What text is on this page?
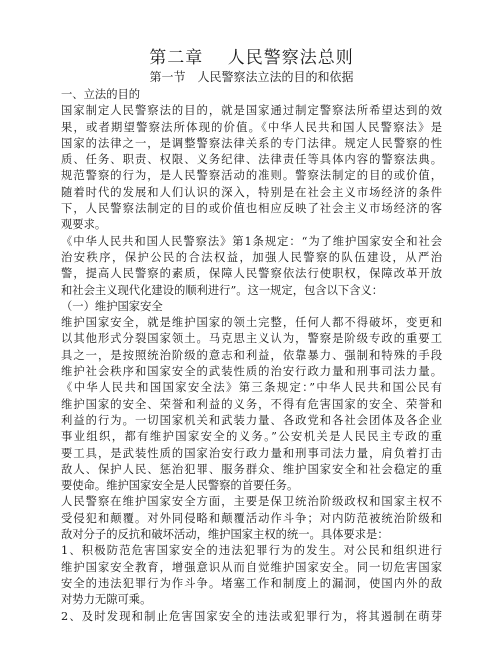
第二章　 人民警察法总则
第一节　人民警察法立法的目的和依据
一、立法的目的
国家制定人民警察法的目的，就是国家通过制定警察法所希望达到的效
果，或者期望警察法所体现的价值。《中华人民共和国人民警察法》是
国家的法律之一，是调整警察法律关系的专门法律。规定人民警察的性
质、任务、职责、权限、义务纪律、法律责任等具体内容的警察法典。
规范警察的行为，是人民警察活动的准则。警察法制定的目的或价值，
随着时代的发展和人们认识的深入，特别是在社会主义市场经济的条件
下，人民警察法制定的目的或价值也相应反映了社会主义市场经济的客
观要求。
《中华人民共和国人民警察法》第1条规定：“为了维护国家安全和社会
治安秩序，保护公民的合法权益，加强人民警察的队伍建设，从严治
警，提高人民警察的素质，保障人民警察依法行使职权，保障改革开放
和社会主义现代化建设的顺利进行”。这一规定，包含以下含义：
（一）维护国家安全
维护国家安全，就是维护国家的领土完整，任何人都不得破坏，变更和
以其他形式分裂国家领土。马克思主义认为，警察是阶级专政的重要工
具之一，是按照统治阶级的意志和利益，依靠暴力、强制和特殊的手段
维护社会秩序和国家安全的武装性质的治安行政力量和刑事司法力量。
《中华人民共和国国家安全法》第三条规定：”中华人民共和国公民有
维护国家的安全、荣誉和利益的义务，不得有危害国家的安全、荣誉和
利益的行为。一切国家机关和武装力量、各政党和各社会团体及各企业
事业组织，都有维护国家安全的义务。”公安机关是人民民主专政的重
要工具，是武装性质的国家治安行政力量和刑事司法力量，肩负着打击
敌人、保护人民、惩治犯罪、服务群众、维护国家安全和社会稳定的重
要使命。维护国家安全是人民警察的首要任务。
人民警察在维护国家安全方面，主要是保卫统治阶级政权和国家主权不
受侵犯和颠覆。对外同侵略和颠覆活动作斗争；对内防范被统治阶级和
敌对分子的反抗和破坏活动，维护国家主权的统一。具体要求是：
1、积极防范危害国家安全的违法犯罪行为的发生。对公民和组织进行
维护国家安全教育，增强意识从而自觉维护国家安全。同一切危害国家
安全的违法犯罪行为作斗争。堵塞工作和制度上的漏洞，使国内外的敌
对势力无隙可乘。
2、及时发现和制止危害国家安全的违法或犯罪行为，将其遏制在萌芽
